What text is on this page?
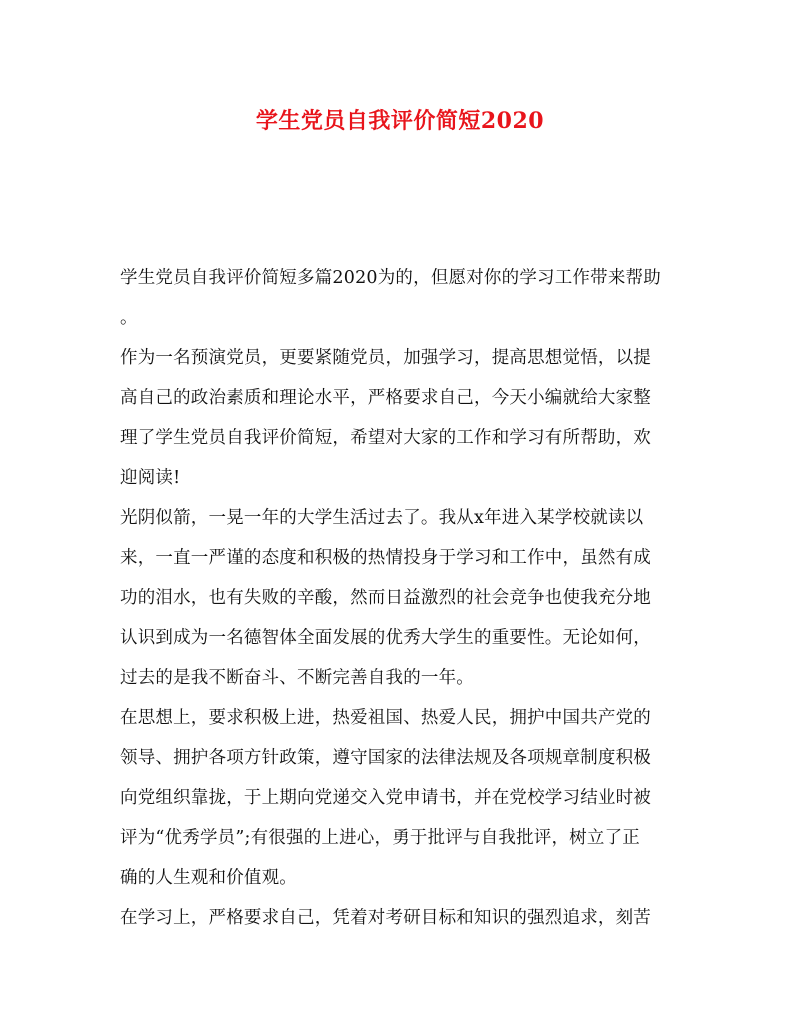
学生党员自我评价简短2020
学生党员自我评价简短多篇2020为的，但愿对你的学习工作带来帮助
。
作为一名预演党员，更要紧随党员，加强学习，提高思想觉悟，以提
高自己的政治素质和理论水平，严格要求自己，今天小编就给大家整
理了学生党员自我评价简短，希望对大家的工作和学习有所帮助，欢
迎阅读!
光阴似箭，一晃一年的大学生活过去了。我从x年进入某学校就读以
来，一直一严谨的态度和积极的热情投身于学习和工作中，虽然有成
功的泪水，也有失败的辛酸，然而日益激烈的社会竞争也使我充分地
认识到成为一名德智体全面发展的优秀大学生的重要性。无论如何，
过去的是我不断奋斗、不断完善自我的一年。
在思想上，要求积极上进，热爱祖国、热爱人民，拥护中国共产党的
领导、拥护各项方针政策，遵守国家的法律法规及各项规章制度积极
向党组织靠拢，于上期向党递交入党申请书，并在党校学习结业时被
评为“优秀学员”;有很强的上进心，勇于批评与自我批评，树立了正
确的人生观和价值观。
在学习上，严格要求自己，凭着对考研目标和知识的强烈追求，刻苦
